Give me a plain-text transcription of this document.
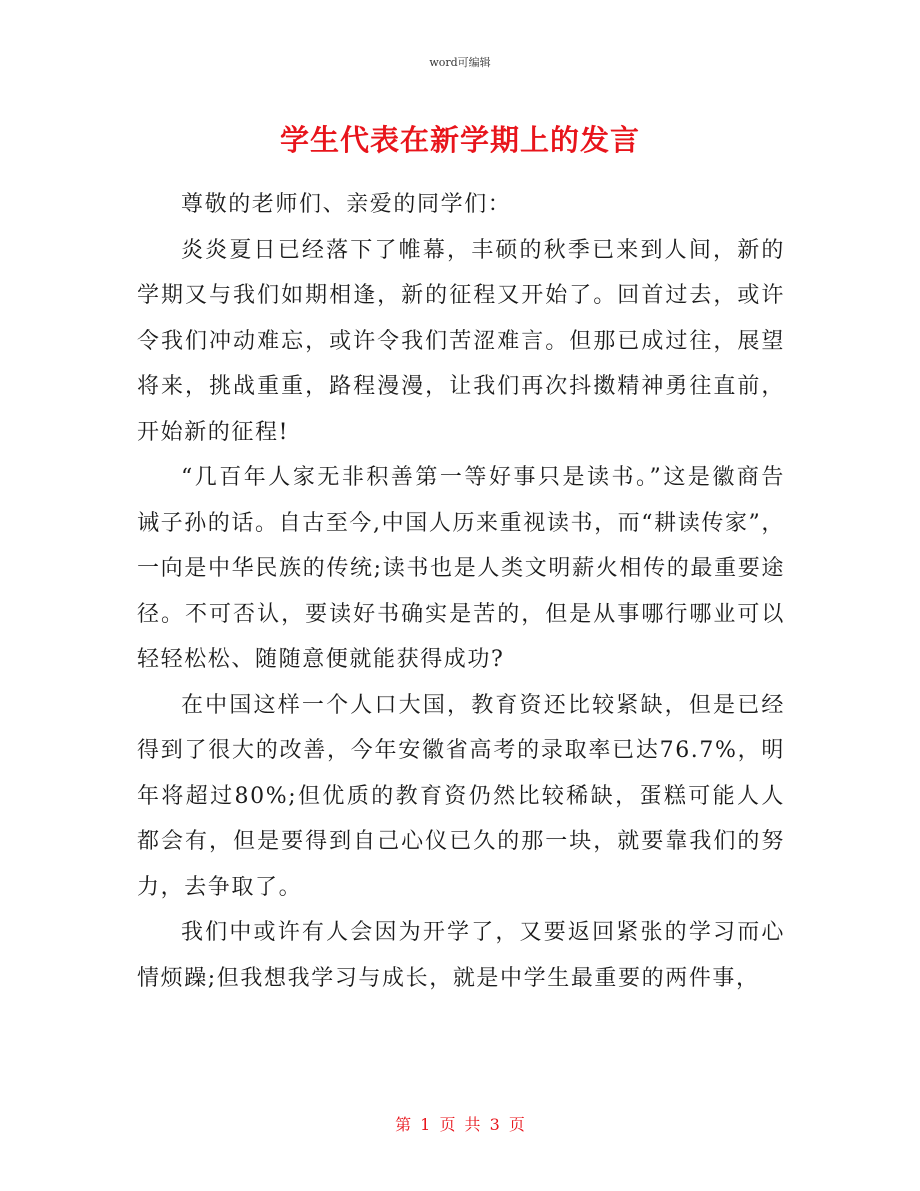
word可编辑
学生代表在新学期上的发言

尊敬的老师们、亲爱的同学们：

炎炎夏日已经落下了帷幕，丰硕的秋季已来到人间，新的学期又与我们如期相逢，新的征程又开始了。回首过去，或许令我们冲动难忘，或许令我们苦涩难言。但那已成过往，展望将来，挑战重重，路程漫漫，让我们再次抖擞精神勇往直前，开始新的征程!

“几百年人家无非积善第一等好事只是读书。”这是徽商告诫子孙的话。自古至今,中国人历来重视读书，而“耕读传家”，一向是中华民族的传统;读书也是人类文明薪火相传的最重要途径。不可否认，要读好书确实是苦的，但是从事哪行哪业可以轻轻松松、随随意便就能获得成功?

在中国这样一个人口大国，教育资还比较紧缺，但是已经得到了很大的改善，今年安徽省高考的录取率已达76.7%，明年将超过80%;但优质的教育资仍然比较稀缺，蛋糕可能人人都会有，但是要得到自己心仪已久的那一块，就要靠我们的努力，去争取了。

我们中或许有人会因为开学了，又要返回紧张的学习而心情烦躁;但我想我学习与成长，就是中学生最重要的两件事，

第 1 页 共 3 页
